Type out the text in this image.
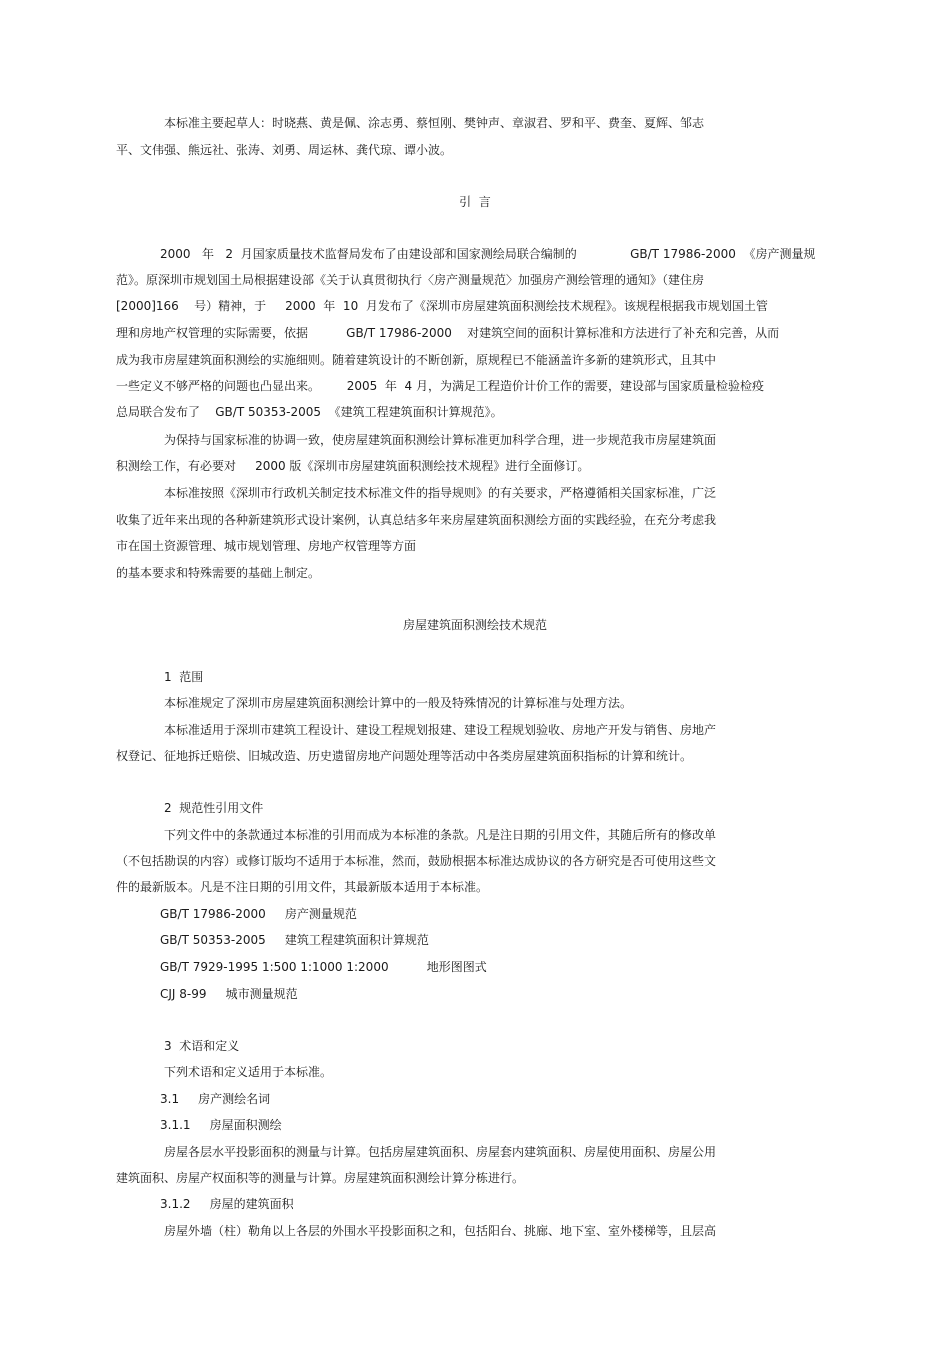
本标准主要起草人：时晓燕、黄是佩、涂志勇、蔡恒刚、樊钟声、章淑君、罗和平、费奎、夏辉、邹志
平、文伟强、熊远社、张涛、刘勇、周运林、龚代琼、谭小波。
引  言
2000   年   2  月国家质量技术监督局发布了由建设部和国家测绘局联合编制的              GB/T 17986-2000  《房产测量规
范》。原深圳市规划国土局根据建设部《关于认真贯彻执行〈房产测量规范〉加强房产测绘管理的通知》（建住房
[2000]166    号）精神，于     2000  年  10  月发布了《深圳市房屋建筑面积测绘技术规程》。该规程根据我市规划国土管
理和房地产权管理的实际需要，依据          GB/T 17986-2000    对建筑空间的面积计算标准和方法进行了补充和完善，从而
成为我市房屋建筑面积测绘的实施细则。随着建筑设计的不断创新，原规程已不能涵盖许多新的建筑形式，且其中
一些定义不够严格的问题也凸显出来。       2005  年  4 月，为满足工程造价计价工作的需要，建设部与国家质量检验检疫
总局联合发布了    GB/T 50353-2005  《建筑工程建筑面积计算规范》。
为保持与国家标准的协调一致，使房屋建筑面积测绘计算标准更加科学合理，进一步规范我市房屋建筑面
积测绘工作，有必要对     2000 版《深圳市房屋建筑面积测绘技术规程》进行全面修订。
本标准按照《深圳市行政机关制定技术标准文件的指导规则》的有关要求，严格遵循相关国家标准，广泛
收集了近年来出现的各种新建筑形式设计案例，认真总结多年来房屋建筑面积测绘方面的实践经验，在充分考虑我
市在国土资源管理、城市规划管理、房地产权管理等方面
的基本要求和特殊需要的基础上制定。
房屋建筑面积测绘技术规范
1  范围
本标准规定了深圳市房屋建筑面积测绘计算中的一般及特殊情况的计算标准与处理方法。
本标准适用于深圳市建筑工程设计、建设工程规划报建、建设工程规划验收、房地产开发与销售、房地产
权登记、征地拆迁赔偿、旧城改造、历史遗留房地产问题处理等活动中各类房屋建筑面积指标的计算和统计。
2  规范性引用文件
下列文件中的条款通过本标准的引用而成为本标准的条款。凡是注日期的引用文件，其随后所有的修改单
（不包括勘误的内容）或修订版均不适用于本标准，然而，鼓励根据本标准达成协议的各方研究是否可使用这些文
件的最新版本。凡是不注日期的引用文件，其最新版本适用于本标准。
GB/T 17986-2000     房产测量规范
GB/T 50353-2005     建筑工程建筑面积计算规范
GB/T 7929-1995 1:500 1:1000 1:2000          地形图图式
CJJ 8-99     城市测量规范
3  术语和定义
下列术语和定义适用于本标准。
3.1     房产测绘名词
3.1.1     房屋面积测绘
房屋各层水平投影面积的测量与计算。包括房屋建筑面积、房屋套内建筑面积、房屋使用面积、房屋公用
建筑面积、房屋产权面积等的测量与计算。房屋建筑面积测绘计算分栋进行。
3.1.2     房屋的建筑面积
房屋外墙（柱）勒角以上各层的外围水平投影面积之和，包括阳台、挑廊、地下室、室外楼梯等，且层高
